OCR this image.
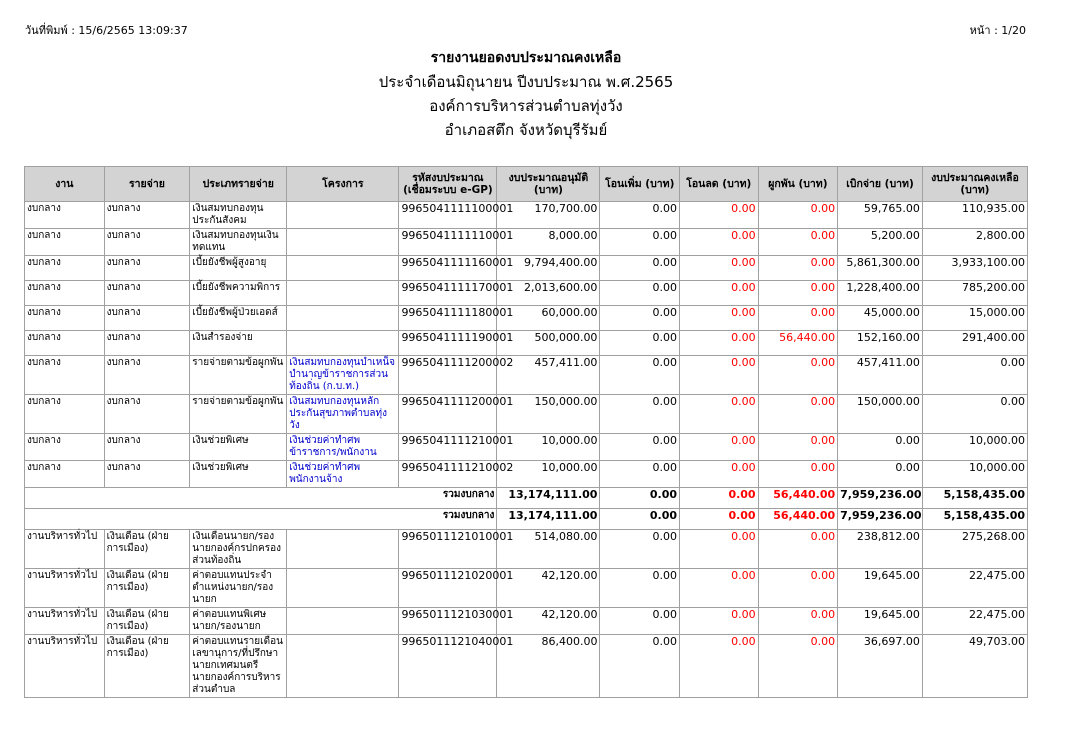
วันที่พิมพ์ : 15/6/2565 13:09:37	หน้า : 1/20
รายงานยอดงบประมาณคงเหลือ
ประจำเดือนมิถุนายน ปีงบประมาณ พ.ศ.2565
องค์การบริหารส่วนตำบลทุ่งวัง
อำเภอสตึก จังหวัดบุรีรัมย์
งาน	รายจ่าย	ประเภทรายจ่าย	โครงการ	รหัสงบประมาณ (เชื่อมระบบ e-GP)	งบประมาณอนุมัติ (บาท)	โอนเพิ่ม (บาท)	โอนลด (บาท)	ผูกพัน (บาท)	เบิกจ่าย (บาท)	งบประมาณคงเหลือ (บาท)
งบกลาง	งบกลาง	เงินสมทบกองทุนประกันสังคม		9965041111100001	170,700.00	0.00	0.00	0.00	59,765.00	110,935.00
งบกลาง	งบกลาง	เงินสมทบกองทุนเงินทดแทน		9965041111110001	8,000.00	0.00	0.00	0.00	5,200.00	2,800.00
งบกลาง	งบกลาง	เบี้ยยังชีพผู้สูงอายุ		9965041111160001	9,794,400.00	0.00	0.00	0.00	5,861,300.00	3,933,100.00
งบกลาง	งบกลาง	เบี้ยยังชีพความพิการ		9965041111170001	2,013,600.00	0.00	0.00	0.00	1,228,400.00	785,200.00
งบกลาง	งบกลาง	เบี้ยยังชีพผู้ป่วยเอดส์		9965041111180001	60,000.00	0.00	0.00	0.00	45,000.00	15,000.00
งบกลาง	งบกลาง	เงินสำรองจ่าย		9965041111190001	500,000.00	0.00	0.00	56,440.00	152,160.00	291,400.00
งบกลาง	งบกลาง	รายจ่ายตามข้อผูกพัน	เงินสมทบกองทุนบำเหน็จบำนาญข้าราชการส่วนท้องถิ่น (ก.บ.ท.)	9965041111200002	457,411.00	0.00	0.00	0.00	457,411.00	0.00
งบกลาง	งบกลาง	รายจ่ายตามข้อผูกพัน	เงินสมทบกองทุนหลักประกันสุขภาพตำบลทุ่งวัง	9965041111200001	150,000.00	0.00	0.00	0.00	150,000.00	0.00
งบกลาง	งบกลาง	เงินช่วยพิเศษ	เงินช่วยค่าทำศพข้าราชการ/พนักงาน	9965041111210001	10,000.00	0.00	0.00	0.00	0.00	10,000.00
งบกลาง	งบกลาง	เงินช่วยพิเศษ	เงินช่วยค่าทำศพพนักงานจ้าง	9965041111210002	10,000.00	0.00	0.00	0.00	0.00	10,000.00
รวมงบกลาง					13,174,111.00	0.00	0.00	56,440.00	7,959,236.00	5,158,435.00
รวมงบกลาง					13,174,111.00	0.00	0.00	56,440.00	7,959,236.00	5,158,435.00
งานบริหารทั่วไป	เงินเดือน (ฝ่ายการเมือง)	เงินเดือนนายก/รองนายกองค์กรปกครองส่วนท้องถิ่น		9965011121010001	514,080.00	0.00	0.00	0.00	238,812.00	275,268.00
งานบริหารทั่วไป	เงินเดือน (ฝ่ายการเมือง)	ค่าตอบแทนประจำตำแหน่งนายก/รองนายก		9965011121020001	42,120.00	0.00	0.00	0.00	19,645.00	22,475.00
งานบริหารทั่วไป	เงินเดือน (ฝ่ายการเมือง)	ค่าตอบแทนพิเศษนายก/รองนายก		9965011121030001	42,120.00	0.00	0.00	0.00	19,645.00	22,475.00
งานบริหารทั่วไป	เงินเดือน (ฝ่ายการเมือง)	ค่าตอบแทนรายเดือนเลขานุการ/ที่ปรึกษานายกเทศมนตรี นายกองค์การบริหารส่วนตำบล		9965011121040001	86,400.00	0.00	0.00	0.00	36,697.00	49,703.00
